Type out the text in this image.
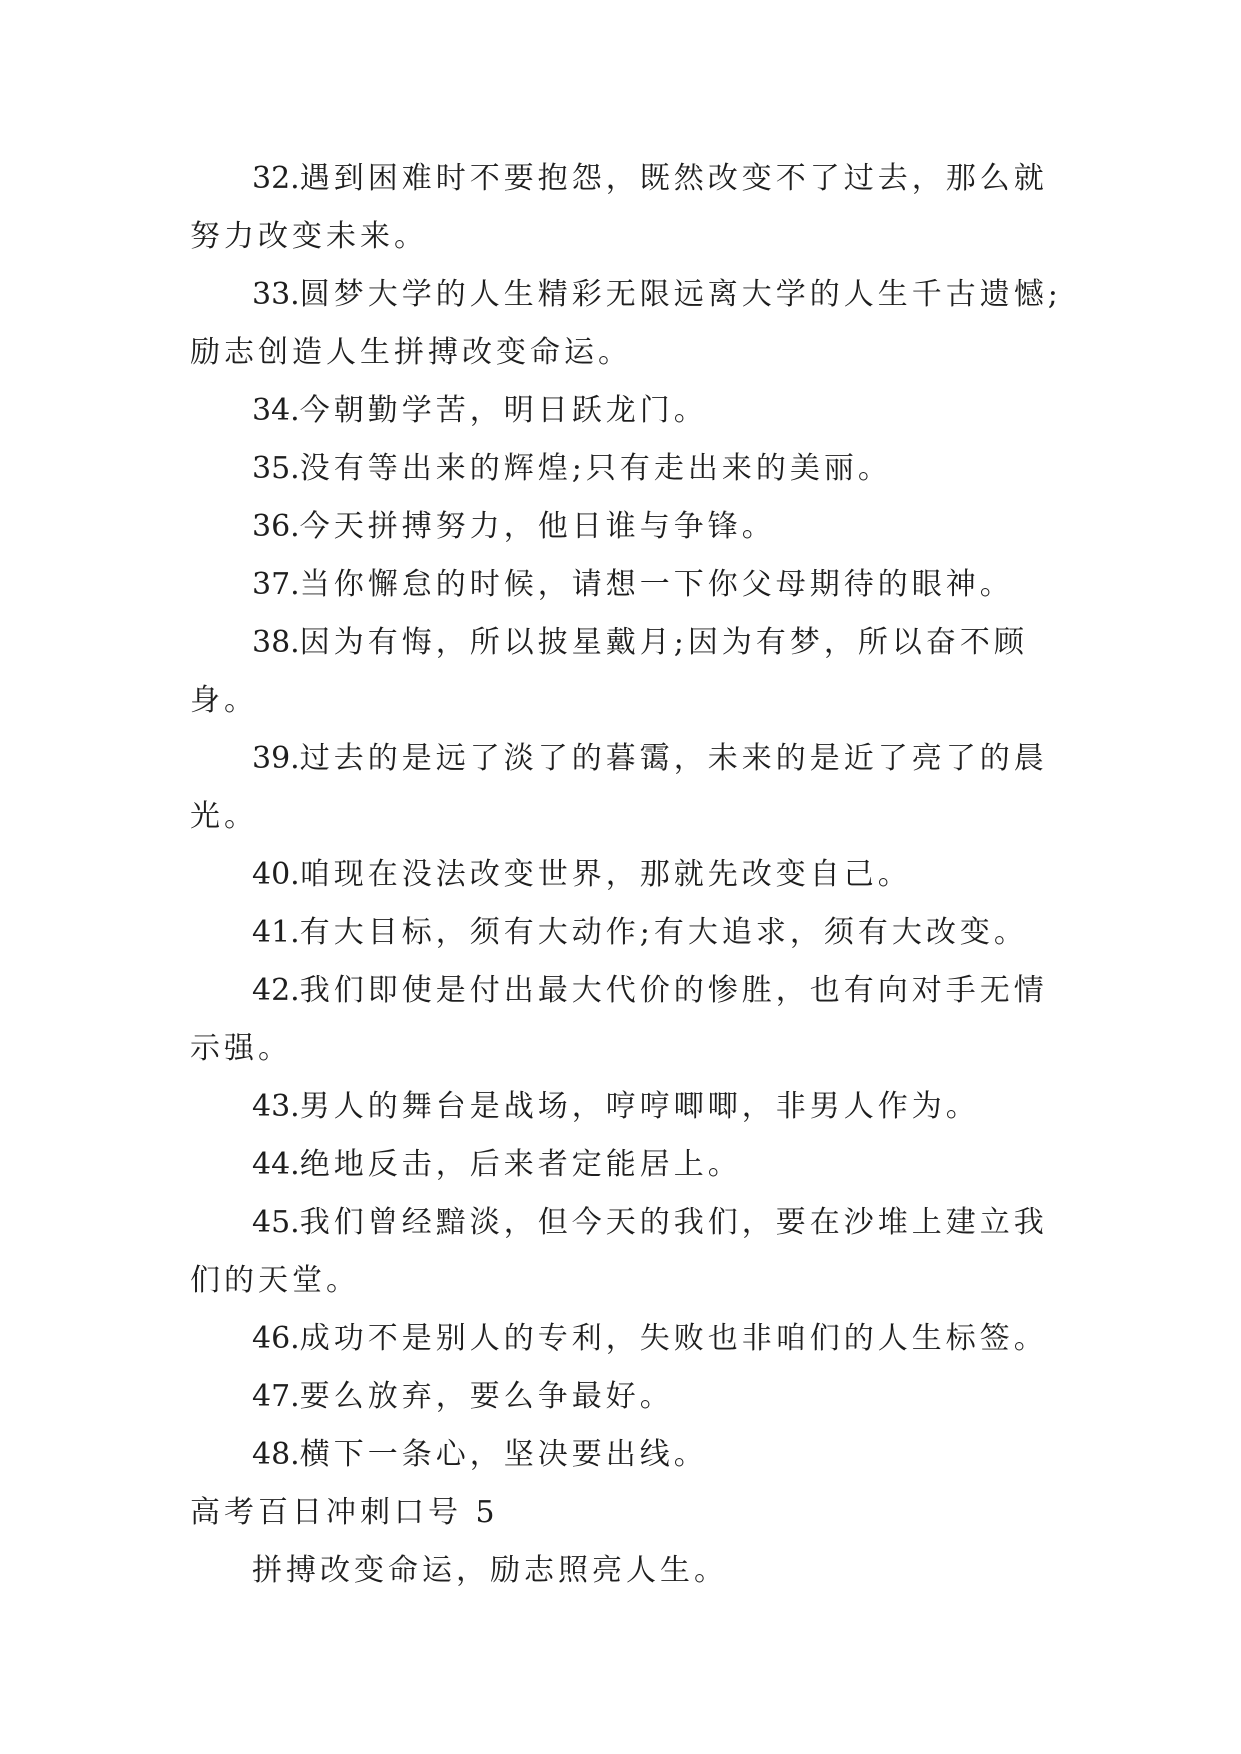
32.遇到困难时不要抱怨，既然改变不了过去，那么就努力改变未来。

33.圆梦大学的人生精彩无限远离大学的人生千古遗憾;励志创造人生拼搏改变命运。

34.今朝勤学苦，明日跃龙门。

35.没有等出来的辉煌;只有走出来的美丽。

36.今天拼搏努力，他日谁与争锋。

37.当你懈怠的时候，请想一下你父母期待的眼神。

38.因为有悔，所以披星戴月;因为有梦，所以奋不顾身。

39.过去的是远了淡了的暮霭，未来的是近了亮了的晨光。

40.咱现在没法改变世界，那就先改变自己。

41.有大目标，须有大动作;有大追求，须有大改变。

42.我们即使是付出最大代价的惨胜，也有向对手无情示强。

43.男人的舞台是战场，哼哼唧唧，非男人作为。

44.绝地反击，后来者定能居上。

45.我们曾经黯淡，但今天的我们，要在沙堆上建立我们的天堂。

46.成功不是别人的专利，失败也非咱们的人生标签。

47.要么放弃，要么争最好。

48.横下一条心，坚决要出线。

高考百日冲刺口号 5

拼搏改变命运，励志照亮人生。
